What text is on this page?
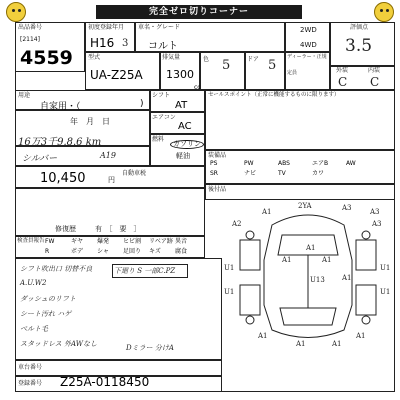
完全ゼロ切りコーナー
出品番号
[2114]
4559
初度登録年月
H16 3
車名・グレード
コルト
2WD
4WD
評価点
3.5
型式
UA-Z25A
排気量
1300
cc
色 5	ドア 5
ディーラー・正規
定員	外装	内装
C C
用途
自家用・（	)
シフト
AT
セールスポイント（正常に機能するものに限ります）
年　月　日
16万3千9.8.6 km
エアコン
AC
シルバー	A19
燃料
ガソリン
軽油	装備品
PS	PW	ABS	エアB	AW
SR	ナビ	TV	カワ
後付品
10,450	円
自動車税
修復歴	有　［　要　］
検査員報告 FW	ギヤ 爆発 ヒビ割 リベア跡 異音
R	ボデ シャ 足回り キズ 腐食
シフト吹出口 切替不良
A.U.W2
ダッシュのリフト
シート汚れ ハゲ
ベルト毛
スタッドレス 外AWなし
下廻り S 一部C.PZ
Dミラー 分けA
車台番号
登録番号 Z25A-0118450
A1	A3	A3
A2	A3
A1	A1
U1
U1
U1
A1
U1
A1
A1	A1
A1
A1
2YA
U13
